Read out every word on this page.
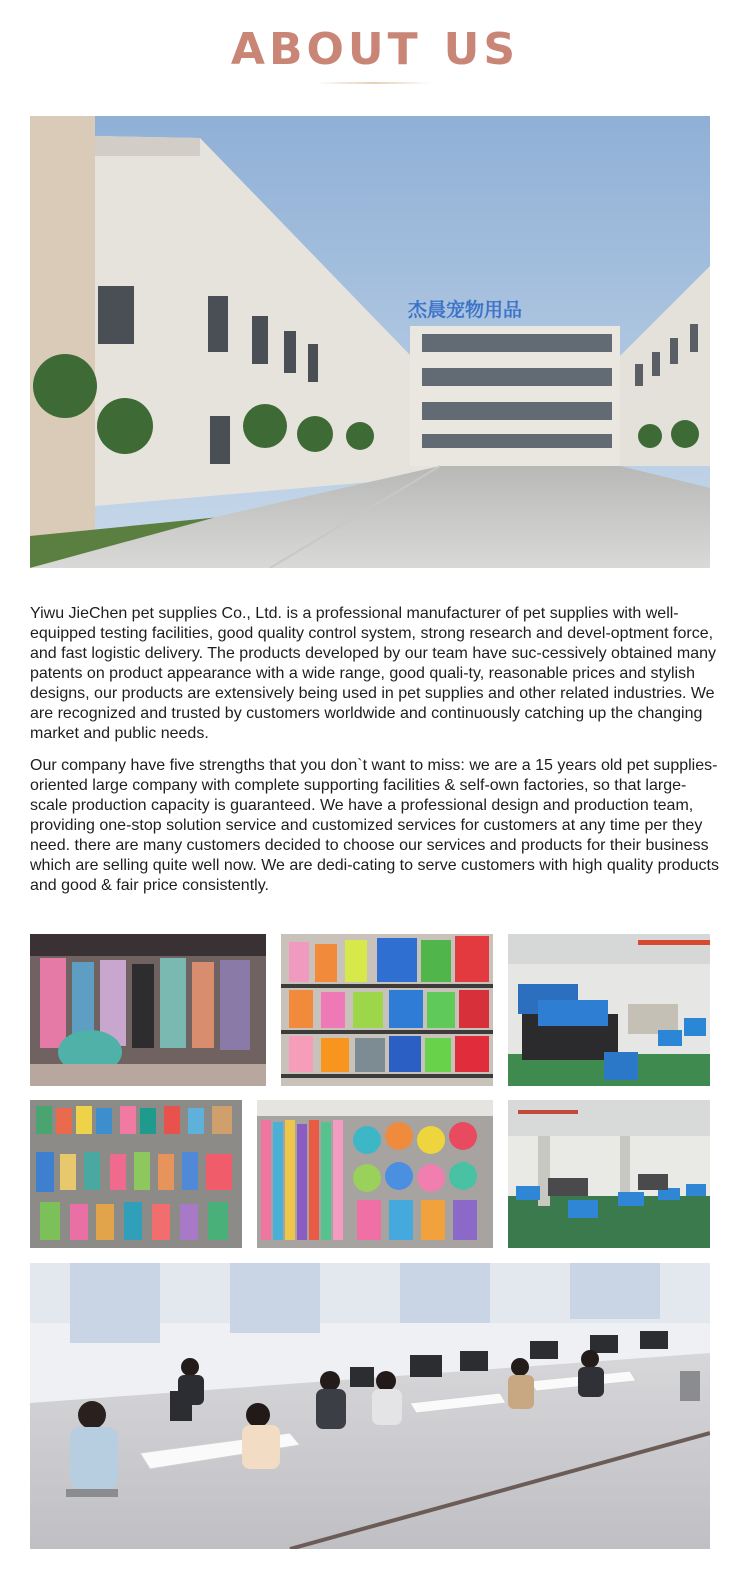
ABOUT US
杰晨宠物用品

Yiwu JieChen pet supplies Co., Ltd. is a professional manufacturer of pet supplies with well-equipped testing facilities, good quality control system, strong research and devel-optment force, and fast logistic delivery. The products developed by our team have suc-cessively obtained many patents on product appearance with a wide range, good quali-ty, reasonable prices and stylish designs, our products are extensively being used in pet supplies and other related industries. We are recognized and trusted by customers worldwide and continuously catching up the changing market and public needs.

Our company have five strengths that you don`t want to miss: we are a 15 years old pet supplies-oriented large company with complete supporting facilities & self-own factories, so that large-scale production capacity is guaranteed. We have a professional design and production team, providing one-stop solution service and customized services for customers at any time per they need. there are many customers decided to choose our services and products for their business which are selling quite well now. We are dedi-cating to serve customers with high quality products and good & fair price consistently.
